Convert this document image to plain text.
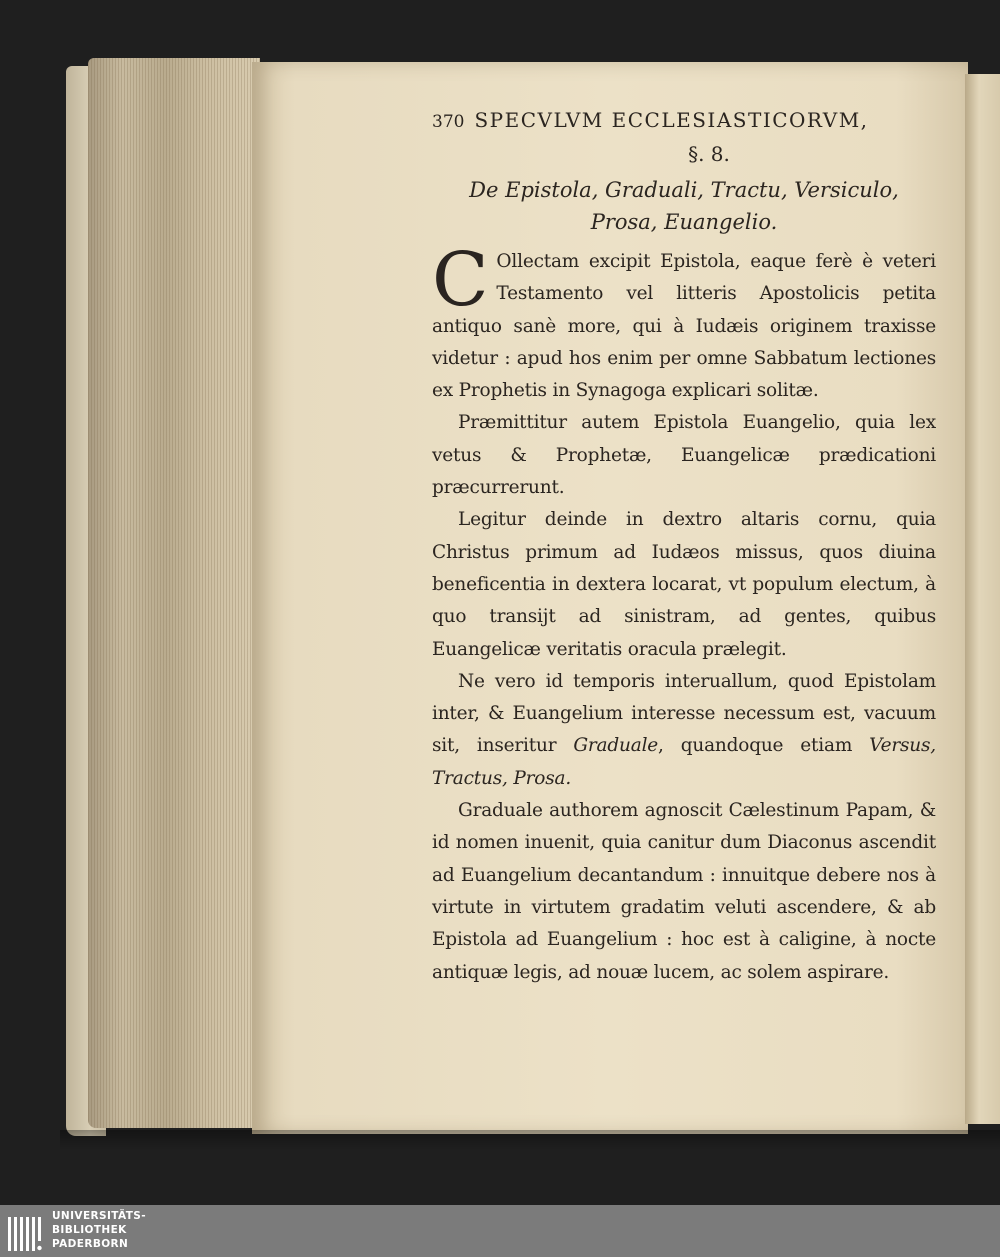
370 SPECVLVM ECCLESIASTICORVM,
§. 8.
De Epistola, Graduali, Tractu, Versiculo,
Prosa, Euangelio.

C Ollectam excipit Epistola, eaque ferè è veteri Testamento vel litteris Apostolicis petita antiquo sanè more, qui à Iudæis originem traxisse videtur : apud hos enim per omne Sabbatum lectiones ex Prophetis in Synagoga explicari solitæ.

Præmittitur autem Epistola Euangelio, quia lex vetus & Prophetæ, Euangelicæ prædicationi præcurrerunt.

Legitur deinde in dextro altaris cornu, quia Christus primum ad Iudæos missus, quos diuina beneficentia in dextera locarat, vt populum electum, à quo transijt ad sinistram, ad gentes, quibus Euangelicæ veritatis oracula prælegit.

Ne vero id temporis interuallum, quod Epistolam inter, & Euangelium interesse necessum est, vacuum sit, inseritur Graduale, quandoque etiam Versus, Tractus, Prosa.

Graduale authorem agnoscit Cælestinum Papam, & id nomen inuenit, quia canitur dum Diaconus ascendit ad Euangelium decantandum : innuitque debere nos à virtute in virtutem gradatim veluti ascendere, & ab Epistola ad Euangelium : hoc est à caligine, à nocte antiquæ legis, ad nouæ lucem, ac solem aspirare.

UNIVERSITÄTS-
BIBLIOTHEK
PADERBORN
